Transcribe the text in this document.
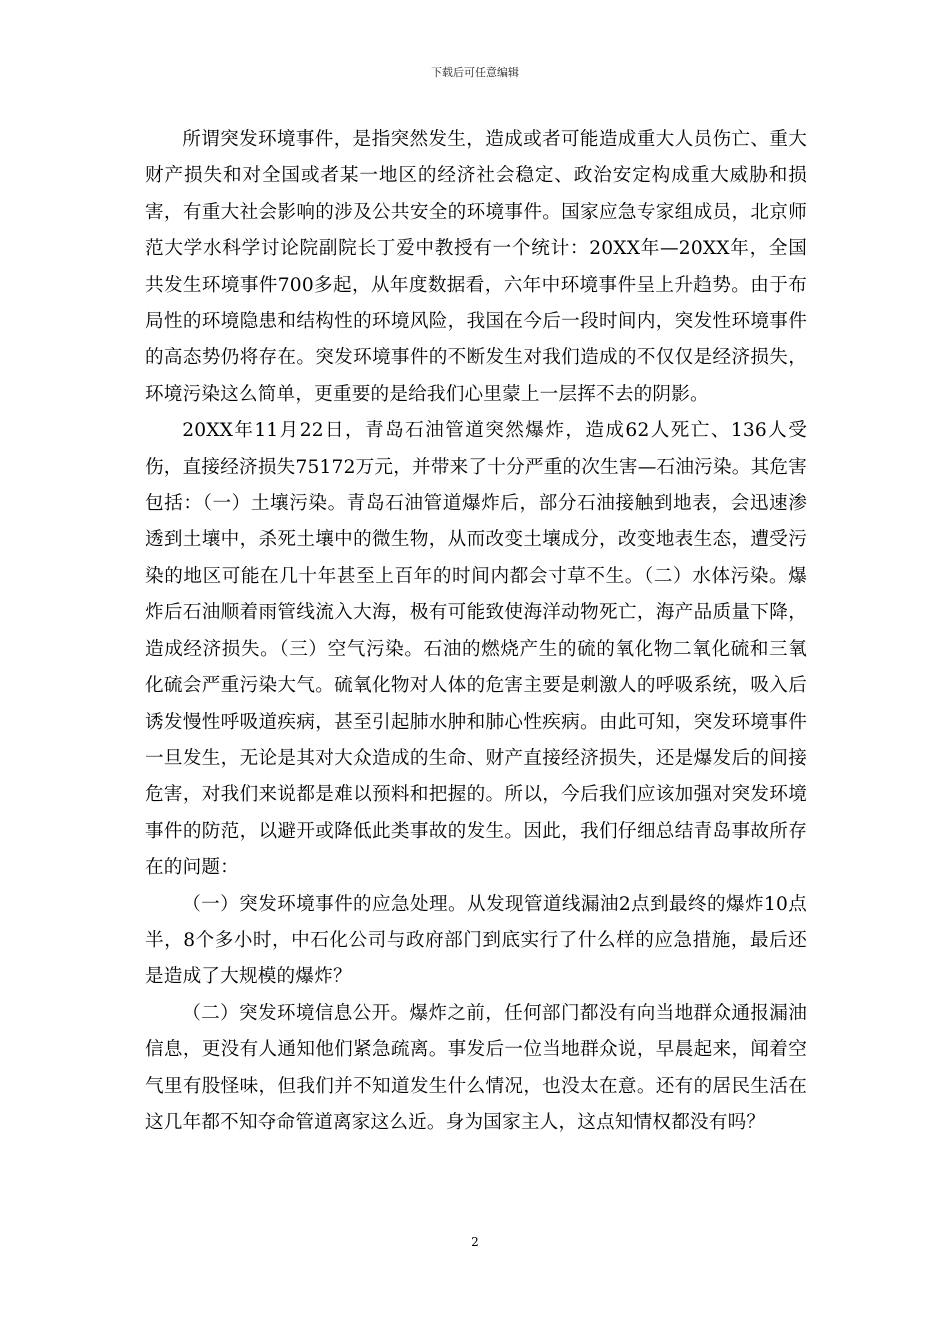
下载后可任意编辑

所谓突发环境事件，是指突然发生，造成或者可能造成重大人员伤亡、重大财产损失和对全国或者某一地区的经济社会稳定、政治安定构成重大威胁和损害，有重大社会影响的涉及公共安全的环境事件。国家应急专家组成员，北京师范大学水科学讨论院副院长丁爱中教授有一个统计：20XX年—20XX年，全国共发生环境事件700多起，从年度数据看，六年中环境事件呈上升趋势。由于布局性的环境隐患和结构性的环境风险，我国在今后一段时间内，突发性环境事件的高态势仍将存在。突发环境事件的不断发生对我们造成的不仅仅是经济损失，环境污染这么简单，更重要的是给我们心里蒙上一层挥不去的阴影。

20XX年11月22日，青岛石油管道突然爆炸，造成62人死亡、136人受伤，直接经济损失75172万元，并带来了十分严重的次生害—石油污染。其危害包括：（一）土壤污染。青岛石油管道爆炸后，部分石油接触到地表，会迅速渗透到土壤中，杀死土壤中的微生物，从而改变土壤成分，改变地表生态，遭受污染的地区可能在几十年甚至上百年的时间内都会寸草不生。（二）水体污染。爆炸后石油顺着雨管线流入大海，极有可能致使海洋动物死亡，海产品质量下降，造成经济损失。（三）空气污染。石油的燃烧产生的硫的氧化物二氧化硫和三氧化硫会严重污染大气。硫氧化物对人体的危害主要是刺激人的呼吸系统，吸入后诱发慢性呼吸道疾病，甚至引起肺水肿和肺心性疾病。由此可知，突发环境事件一旦发生，无论是其对大众造成的生命、财产直接经济损失，还是爆发后的间接危害，对我们来说都是难以预料和把握的。所以，今后我们应该加强对突发环境事件的防范，以避开或降低此类事故的发生。因此，我们仔细总结青岛事故所存在的问题：

（一）突发环境事件的应急处理。从发现管道线漏油2点到最终的爆炸10点半，8个多小时，中石化公司与政府部门到底实行了什么样的应急措施，最后还是造成了大规模的爆炸？

（二）突发环境信息公开。爆炸之前，任何部门都没有向当地群众通报漏油信息，更没有人通知他们紧急疏离。事发后一位当地群众说，早晨起来，闻着空气里有股怪味，但我们并不知道发生什么情况，也没太在意。还有的居民生活在这几年都不知夺命管道离家这么近。身为国家主人，这点知情权都没有吗？

2
